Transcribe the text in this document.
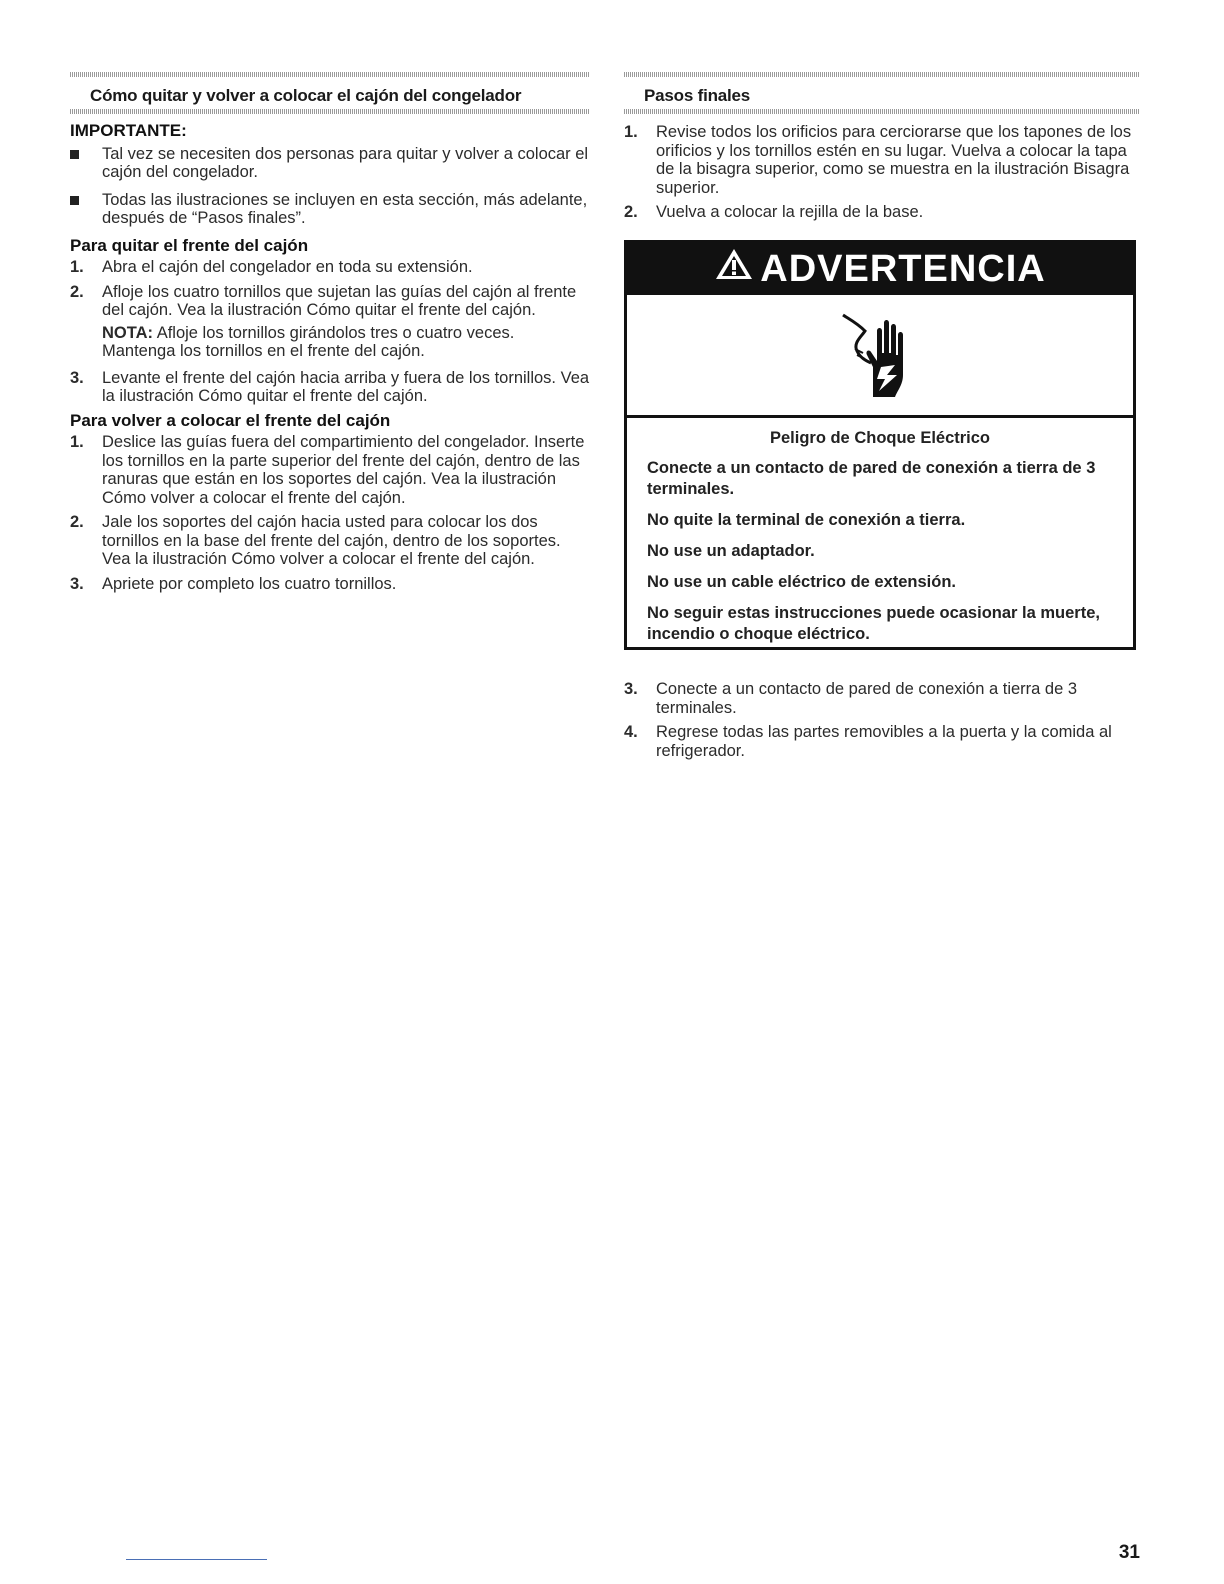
Cómo quitar y volver a colocar el cajón del congelador
IMPORTANTE:
Tal vez se necesiten dos personas para quitar y volver a colocar el cajón del congelador.
Todas las ilustraciones se incluyen en esta sección, más adelante, después de “Pasos finales”.
Para quitar el frente del cajón
1.	Abra el cajón del congelador en toda su extensión.
2.	Afloje los cuatro tornillos que sujetan las guías del cajón al frente del cajón. Vea la ilustración Cómo quitar el frente del cajón.
NOTA: Afloje los tornillos girándolos tres o cuatro veces. Mantenga los tornillos en el frente del cajón.
3.	Levante el frente del cajón hacia arriba y fuera de los tornillos. Vea la ilustración Cómo quitar el frente del cajón.
Para volver a colocar el frente del cajón
1.	Deslice las guías fuera del compartimiento del congelador. Inserte los tornillos en la parte superior del frente del cajón, dentro de las ranuras que están en los soportes del cajón. Vea la ilustración Cómo volver a colocar el frente del cajón.
2.	Jale los soportes del cajón hacia usted para colocar los dos tornillos en la base del frente del cajón, dentro de los soportes. Vea la ilustración Cómo volver a colocar el frente del cajón.
3.	Apriete por completo los cuatro tornillos.
Pasos finales
1.	Revise todos los orificios para cerciorarse que los tapones de los orificios y los tornillos estén en su lugar. Vuelva a colocar la tapa de la bisagra superior, como se muestra en la ilustración Bisagra superior.
2.	Vuelva a colocar la rejilla de la base.
ADVERTENCIA
Peligro de Choque Eléctrico

Conecte a un contacto de pared de conexión a tierra de 3 terminales.

No quite la terminal de conexión a tierra.

No use un adaptador.

No use un cable eléctrico de extensión.

No seguir estas instrucciones puede ocasionar la muerte, incendio o choque eléctrico.

3.	Conecte a un contacto de pared de conexión a tierra de 3 terminales.
4.	Regrese todas las partes removibles a la puerta y la comida al refrigerador.
31
